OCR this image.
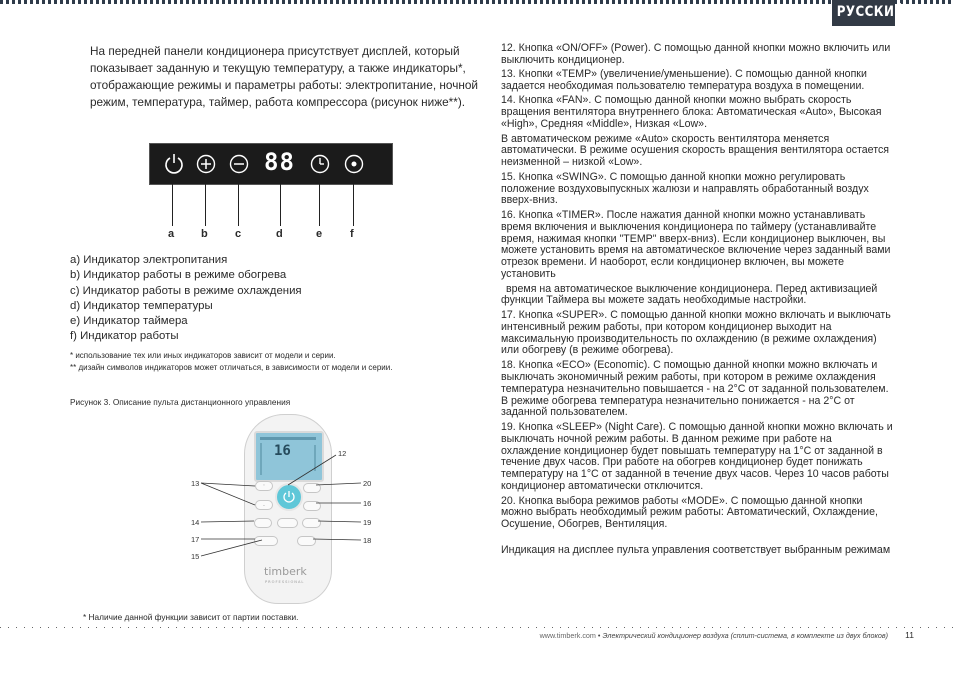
РУССКИЙ
На передней панели кондиционера присутствует дисплей, который показывает заданную и текущую температуру, а также индикаторы*, отображающие режимы и параметры работы: электропитание, ночной режим, температура, таймер, работа компрессора (рисунок ниже**).
88
a b c	d	e	f
a) Индикатор электропитания
b) Индикатор работы в режиме обогрева
c) Индикатор работы в режиме охлаждения
d) Индикатор температуры
e) Индикатор таймера
f) Индикатор работы
* использование тех или иных индикаторов зависит от модели и серии.
** дизайн символов индикаторов может отличаться, в зависимости от модели и серии.
Рисунок 3. Описание пульта дистанционного управления
16
⌃
⌄
timberk
PROFESSIONAL
13
12
20
16
14	19
17	18
15
* Наличие данной функции зависит от партии поставки.

12. Кнопка «ON/OFF» (Power). С помощью данной кнопки можно включить или выключить кондиционер.

13. Кнопки «TEMP» (увеличение/уменьшение). С помощью данной кнопки задается необходимая пользователю температура воздуха в помещении.

14. Кнопка «FAN». С помощью данной кнопки можно выбрать скорость вращения вентилятора внутреннего блока: Автоматическая «Auto», Высокая «High», Средняя «Middle», Низкая «Low».

В автоматическом режиме «Auto» скорость вентилятора меняется автоматически. В режиме осушения скорость вращения вентилятора остается неизменной – низкой «Low».

15. Кнопка «SWING». С помощью данной кнопки можно регулировать положение воздуховыпускных жалюзи и направлять обработанный воздух вверх-вниз.

16. Кнопка «TIMER». После нажатия данной кнопки можно устанавливать время включения и выключения кондиционера по таймеру (устанавливайте время, нажимая кнопки "TEMP" вверх-вниз). Если кондиционер выключен, вы можете установить время на автоматическое включение через заданный вами отрезок времени. И наоборот, если кондиционер включен, вы можете установить

время на автоматическое выключение кондиционера. Перед активизацией функции Таймера вы можете задать необходимые настройки.

17. Кнопка «SUPER». С помощью данной кнопки можно включать и выключать интенсивный режим работы, при котором кондиционер выходит на максимальную производительность по охлаждению (в режиме охлаждения) или обогреву (в режиме обогрева).

18. Кнопка «ECO» (Economic). С помощью данной кнопки можно включать и выключать экономичный режим работы, при котором в режиме охлаждения температура незначительно повышается - на 2°С от заданной пользователем. В режиме обогрева температура незначительно понижается - на 2°С от заданной пользователем.

19. Кнопка «SLEEP» (Night Care). С помощью данной кнопки можно включать и выключать ночной режим работы. В данном режиме при работе на охлаждение кондиционер будет повышать температуру на 1°С от заданной в течение двух часов. При работе на обогрев кондиционер будет понижать температуру на 1°С от заданной в течение двух часов. Через 10 часов работы кондиционер автоматически отключится.

20. Кнопка выбора режимов работы «MODE». С помощью данной кнопки можно выбрать необходимый режим работы: Автоматический, Охлаждение, Осушение, Обогрев, Вентиляция.

Индикация на дисплее пульта управления соответствует выбранным режимам

www.timberk.com • Электрический кондиционер воздуха (сплит-система, в комплекте из двух блоков) 11
